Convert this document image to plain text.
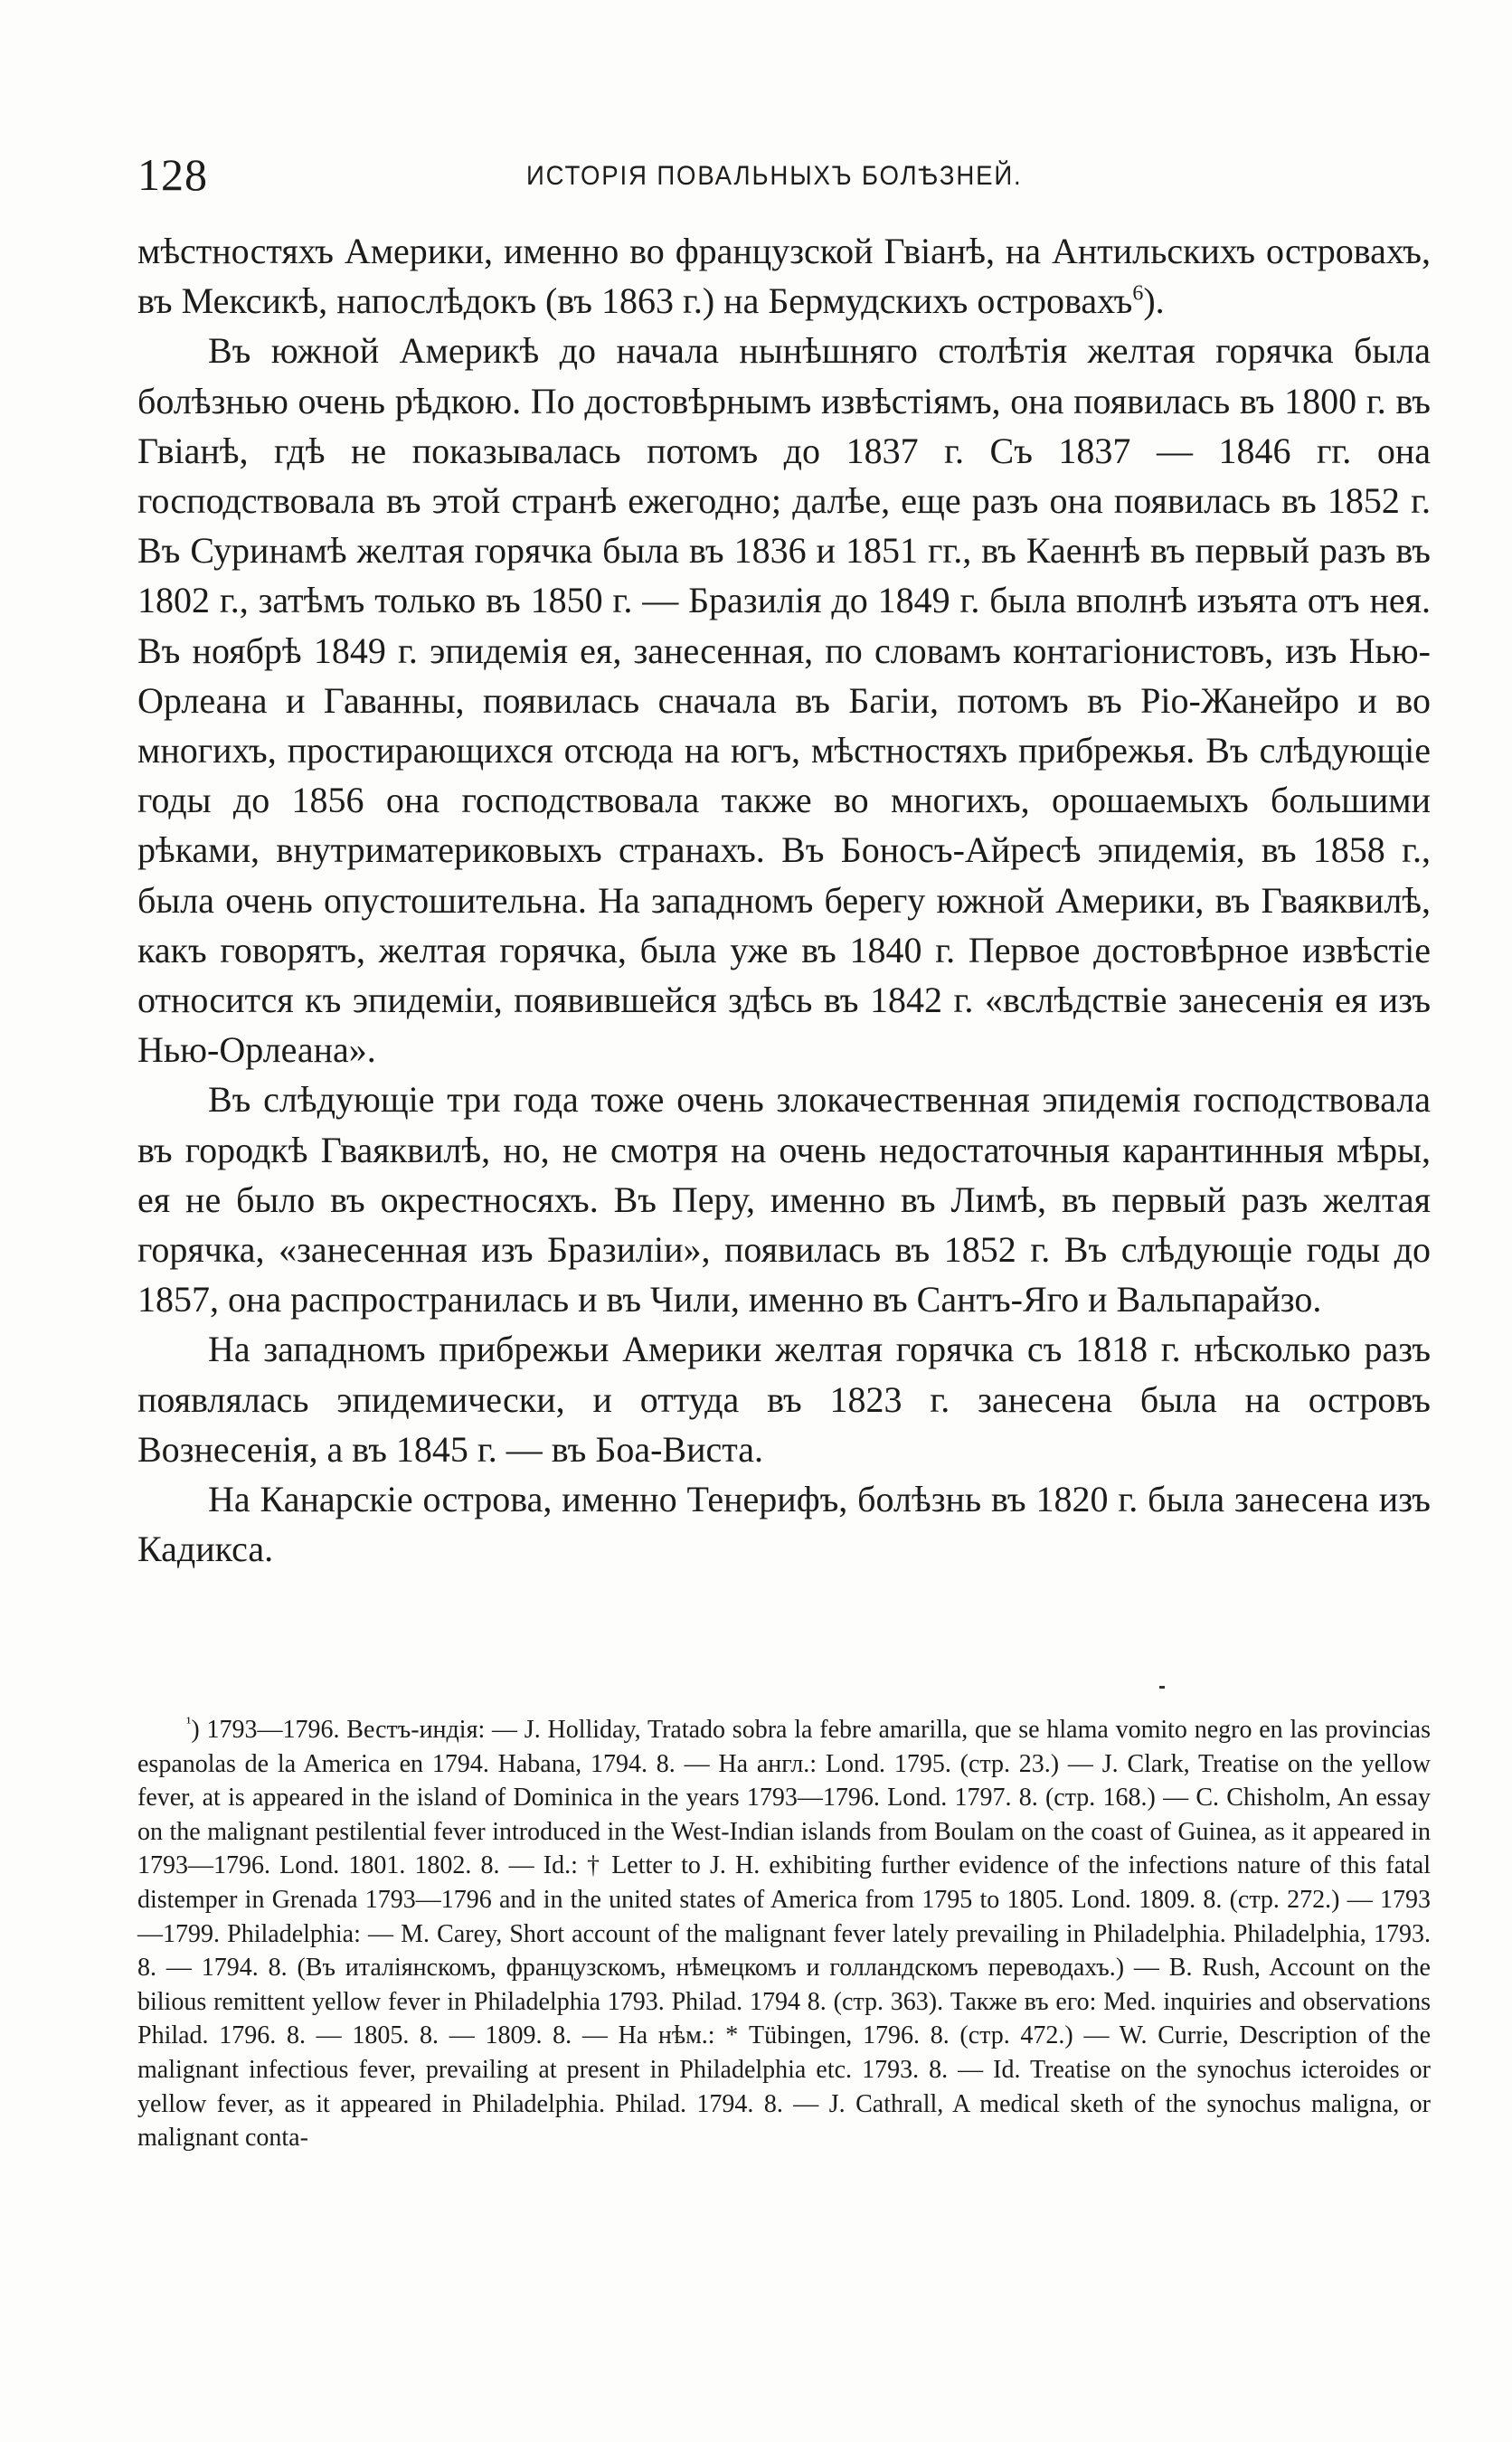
128	ИСТОРІЯ ПОВАЛЬНЫХЪ БОЛѢЗНЕЙ.

мѣстностяхъ Америки, именно во французской Гвіанѣ, на Антильскихъ островахъ, въ Мексикѣ, напослѣдокъ (въ 1863 г.) на Бермудскихъ островахъ$^6$).

Въ южной Америкѣ до начала нынѣшняго столѣтія желтая горячка была болѣзнью очень рѣдкою. По достовѣрнымъ извѣстіямъ, она появилась въ 1800 г. въ Гвіанѣ, гдѣ не показывалась потомъ до 1837 г. Съ 1837 — 1846 гг. она господствовала въ этой странѣ ежегодно; далѣе, еще разъ она появилась въ 1852 г. Въ Суринамѣ желтая горячка была въ 1836 и 1851 гг., въ Каеннѣ въ первый разъ въ 1802 г., затѣмъ только въ 1850 г. — Бразилія до 1849 г. была вполнѣ изъята отъ нея. Въ ноябрѣ 1849 г. эпидемія ея, занесенная, по словамъ контагіонистовъ, изъ Нью-Орлеана и Гаванны, появилась сначала въ Багіи, потомъ въ Ріо-Жанейро и во многихъ, простирающихся отсюда на югъ, мѣстностяхъ прибрежья. Въ слѣдующіе годы до 1856 она господствовала также во многихъ, орошаемыхъ большими рѣками, внутриматериковыхъ странахъ. Въ Боносъ-Айресѣ эпидемія, въ 1858 г., была очень опустошительна. На западномъ берегу южной Америки, въ Гваяквилѣ, какъ говорятъ, желтая горячка, была уже въ 1840 г. Первое достовѣрное извѣстіе относится къ эпидеміи, появившейся здѣсь въ 1842 г. «вслѣдствіе занесенія ея изъ Нью-Орлеана».

Въ слѣдующіе три года тоже очень злокачественная эпидемія господствовала въ городкѣ Гваяквилѣ, но, не смотря на очень недостаточныя карантинныя мѣры, ея не было въ окрестносяхъ. Въ Перу, именно въ Лимѣ, въ первый разъ желтая горячка, «занесенная изъ Бразиліи», появилась въ 1852 г. Въ слѣдующіе годы до 1857, она распространилась и въ Чили, именно въ Сантъ-Яго и Вальпарайзо.

На западномъ прибрежьи Америки желтая горячка съ 1818 г. нѣсколько разъ появлялась эпидемически, и оттуда въ 1823 г. занесена была на островъ Вознесенія, а въ 1845 г. — въ Боа-Виста.

На Канарскіе острова, именно Тенерифъ, болѣзнь въ 1820 г. была занесена изъ Кадикса.

$^{^1}$) 1793—1796. Вестъ-индія: — J. Holliday, Tratado sobra la febre amarilla, que se hlama vomito negro en las provincias espanolas de la America en 1794. Habana, 1794. 8. — На англ.: Lond. 1795. (стр. 23.) — J. Clark, Treatise on the yellow fever, at is appeared in the island of Dominica in the years 1793—1796. Lond. 1797. 8. (стр. 168.) — C. Chisholm, An essay on the malignant pestilential fever introduced in the West-Indian islands from Boulam on the coast of Guinea, as it appeared in 1793—1796. Lond. 1801. 1802. 8. — Id.: † Letter to J. H. exhibiting further evidence of the infections nature of this fatal distemper in Grenada 1793—1796 and in the united states of America from 1795 to 1805. Lond. 1809. 8. (стр. 272.) — 1793—1799. Philadelphia: — M. Carey, Short account of the malignant fever lately prevailing in Philadelphia. Philadelphia, 1793. 8. — 1794. 8. (Въ италіянскомъ, французскомъ, нѣмецкомъ и голландскомъ переводахъ.) — B. Rush, Account on the bilious remittent yellow fever in Philadelphia 1793. Philad. 1794 8. (стр. 363). Также въ его: Med. inquiries and observations Philad. 1796. 8. — 1805. 8. — 1809. 8. — На нѣм.: * Tübingen, 1796. 8. (стр. 472.) — W. Currie, Description of the malignant infectious fever, prevailing at present in Philadelphia etc. 1793. 8. — Id. Treatise on the synochus icteroides or yellow fever, as it appeared in Philadelphia. Philad. 1794. 8. — J. Cathrall, A medical sketh of the synochus maligna, or malignant conta-
